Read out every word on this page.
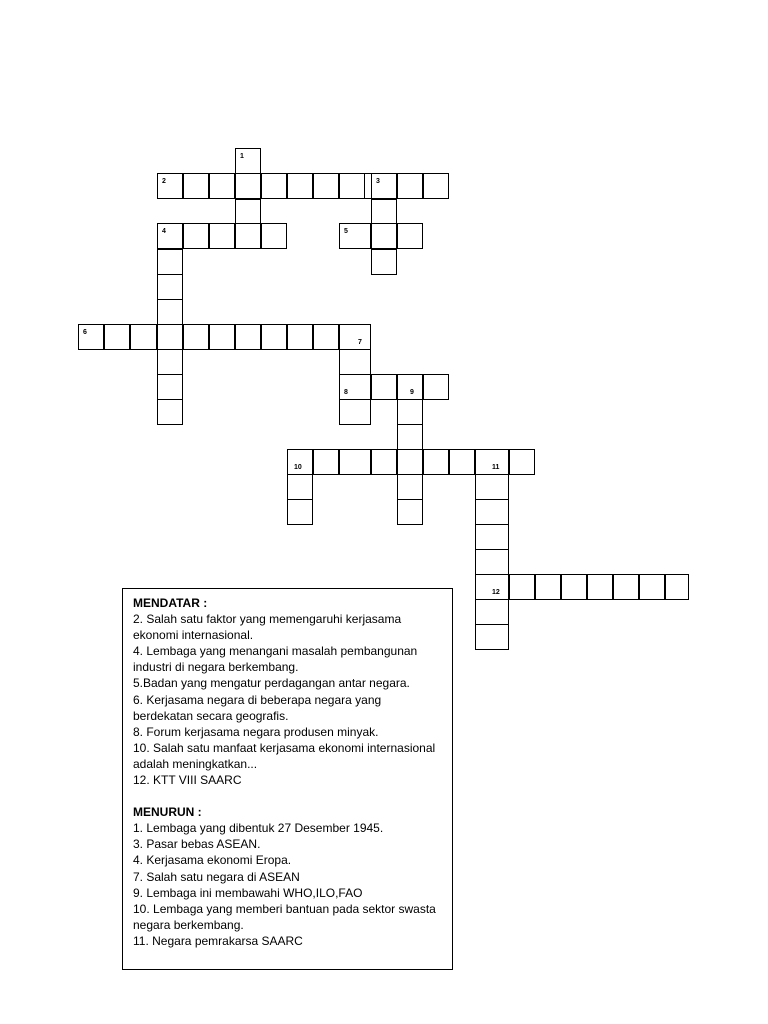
1
2	3
4	5
6
7
8	9
10	11
12
MENDATAR :
2. Salah satu faktor yang memengaruhi kerjasama ekonomi internasional.
4. Lembaga yang menangani masalah pembangunan industri di negara berkembang.
5.Badan yang mengatur perdagangan antar negara.
6. Kerjasama negara di beberapa negara yang berdekatan secara geografis.
8. Forum kerjasama negara produsen minyak.
10. Salah satu manfaat kerjasama ekonomi internasional adalah meningkatkan...
12. KTT VIII SAARC
MENURUN :
1. Lembaga yang dibentuk 27 Desember 1945.
3. Pasar bebas ASEAN.
4. Kerjasama ekonomi Eropa.
7. Salah satu negara di ASEAN
9. Lembaga ini membawahi WHO,ILO,FAO
10. Lembaga yang memberi bantuan pada sektor swasta negara berkembang.
11. Negara pemrakarsa SAARC
